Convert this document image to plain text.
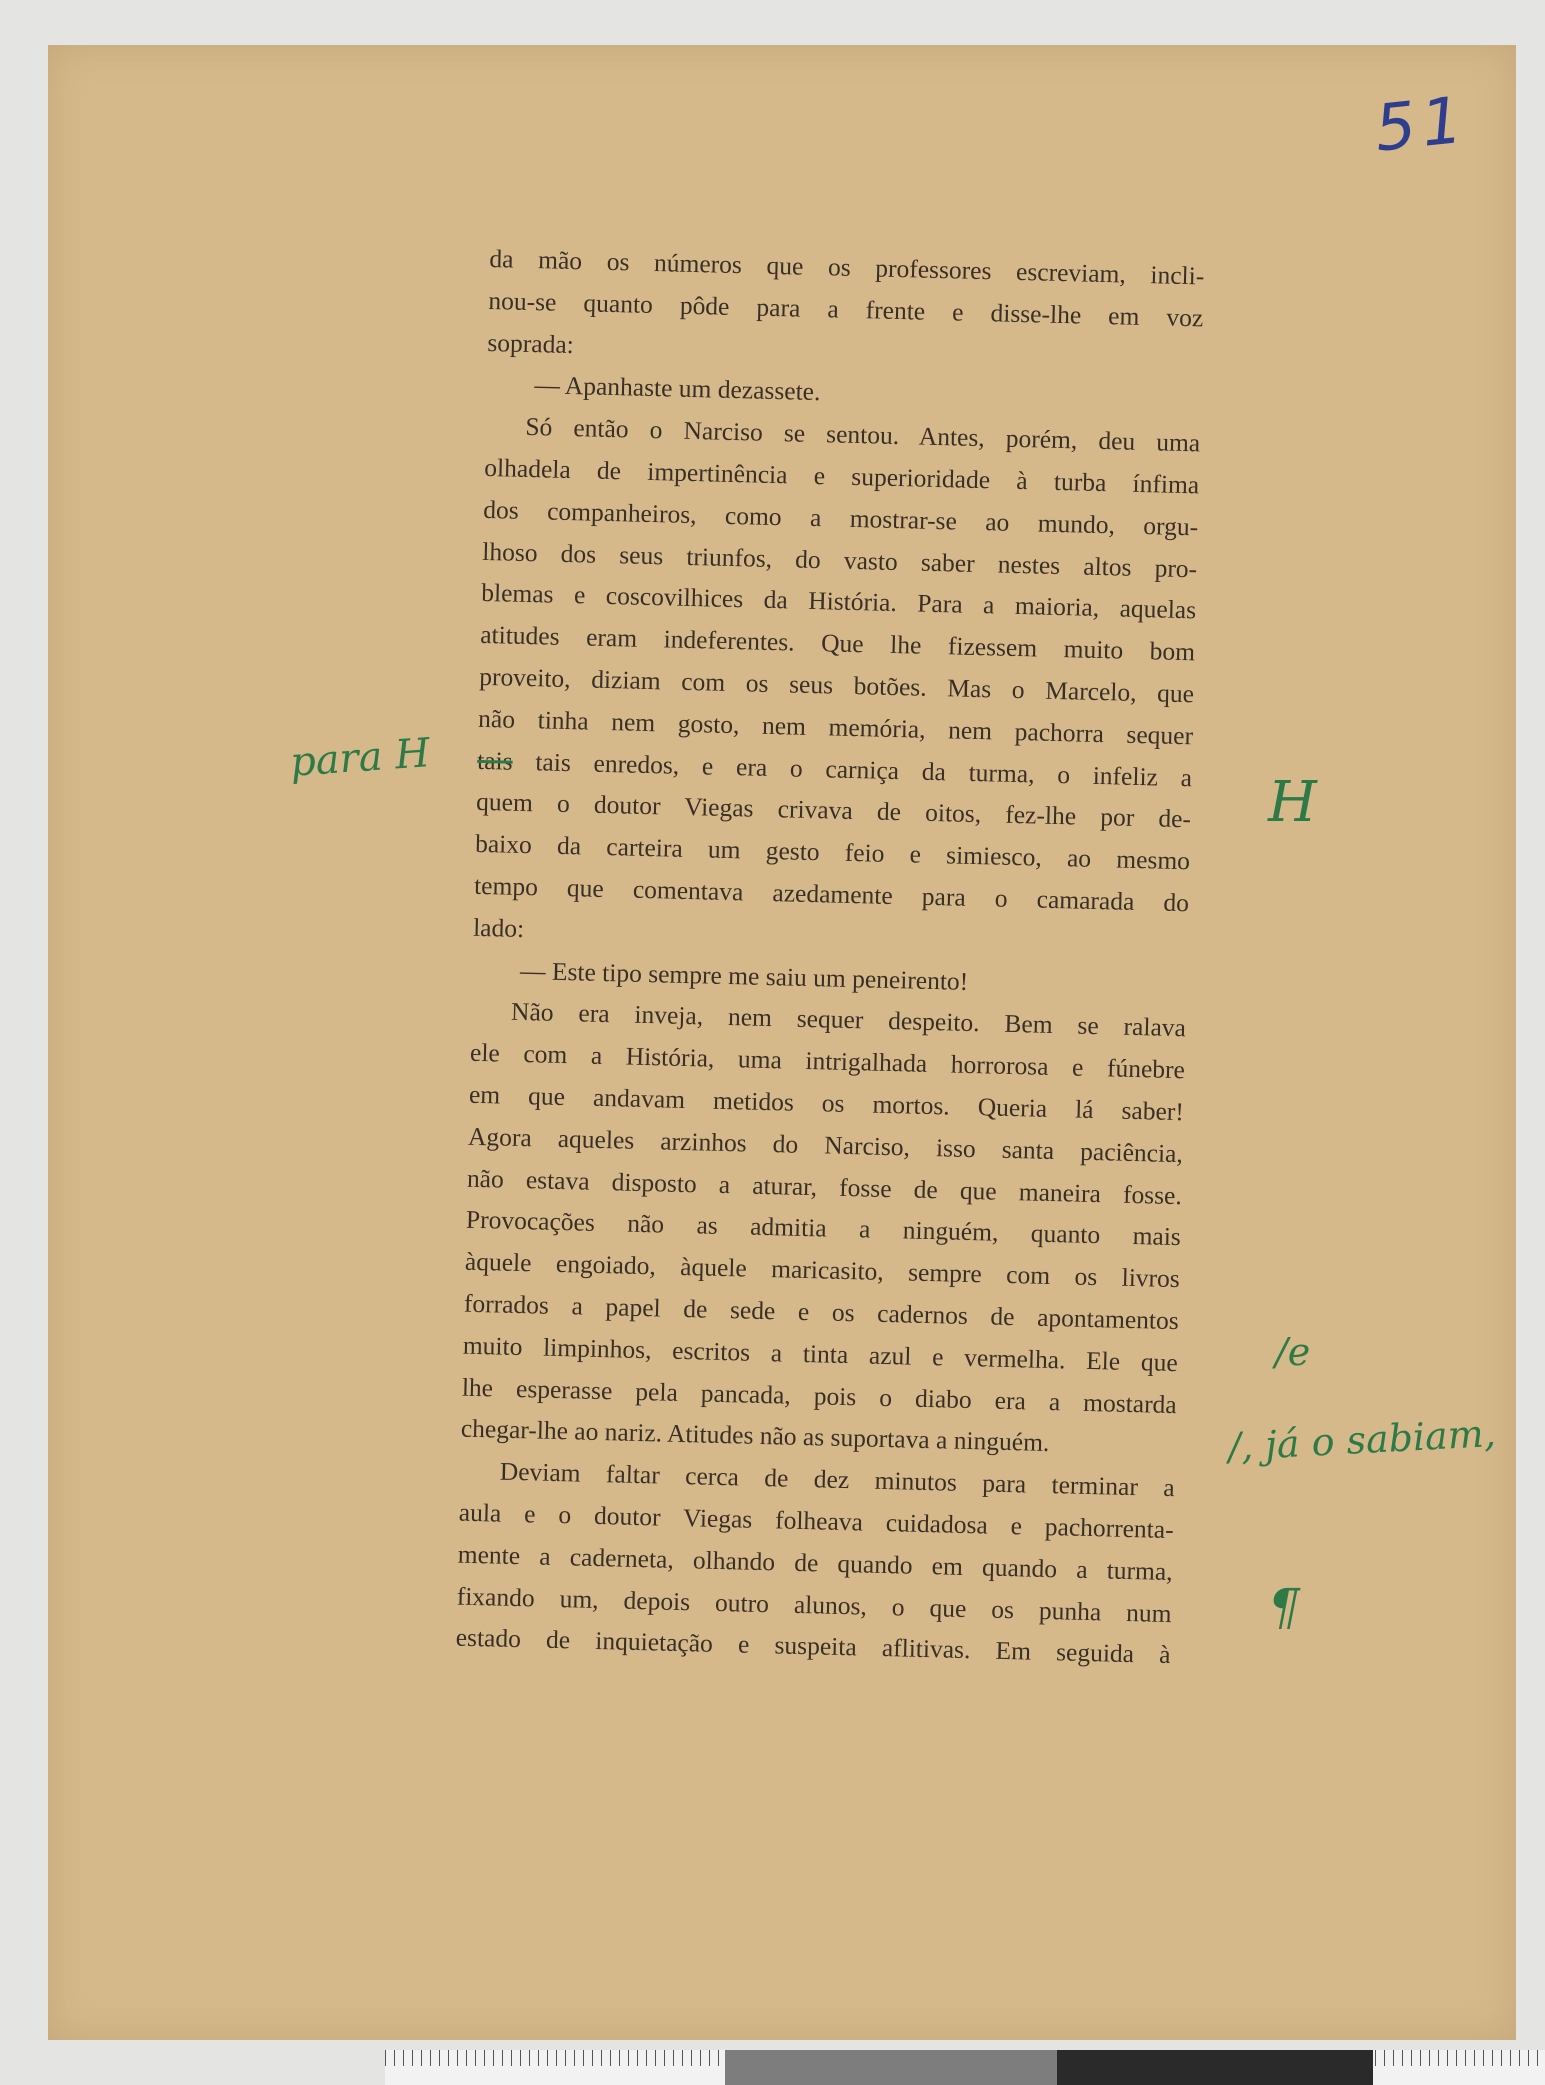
51
da mão os números que os professores escreviam, incli-
nou-se quanto pôde para a frente e disse-lhe em voz
soprada:
— Apanhaste um dezassete.
Só então o Narciso se sentou. Antes, porém, deu uma
olhadela de impertinência e superioridade à turba ínfima
dos companheiros, como a mostrar-se ao mundo, orgu-
lhoso dos seus triunfos, do vasto saber nestes altos pro-
blemas e coscovilhices da História. Para a maioria, aquelas
atitudes eram indeferentes. Que lhe fizessem muito bom
proveito, diziam com os seus botões. Mas o Marcelo, que
não tinha nem gosto, nem memória, nem pachorra sequer
tais tais enredos, e era o carniça da turma, o infeliz a
quem o doutor Viegas crivava de oitos, fez-lhe por de-
baixo da carteira um gesto feio e simiesco, ao mesmo
tempo que comentava azedamente para o camarada do
lado:
— Este tipo sempre me saiu um peneirento!
Não era inveja, nem sequer despeito. Bem se ralava
ele com a História, uma intrigalhada horrorosa e fúnebre
em que andavam metidos os mortos. Queria lá saber!
Agora aqueles arzinhos do Narciso, isso santa paciência,
não estava disposto a aturar, fosse de que maneira fosse.
Provocações não as admitia a ninguém, quanto mais
àquele engoiado, àquele maricasito, sempre com os livros
forrados a papel de sede e os cadernos de apontamentos
muito limpinhos, escritos a tinta azul e vermelha. Ele que
lhe esperasse pela pancada, pois o diabo era a mostarda
chegar-lhe ao nariz. Atitudes não as suportava a ninguém.
Deviam faltar cerca de dez minutos para terminar a
aula e o doutor Viegas folheava cuidadosa e pachorrenta-
mente a caderneta, olhando de quando em quando a turma,
fixando um, depois outro alunos, o que os punha num
estado de inquietação e suspeita aflitivas. Em seguida à
para H
H
/e
/, já o sabiam,
¶
